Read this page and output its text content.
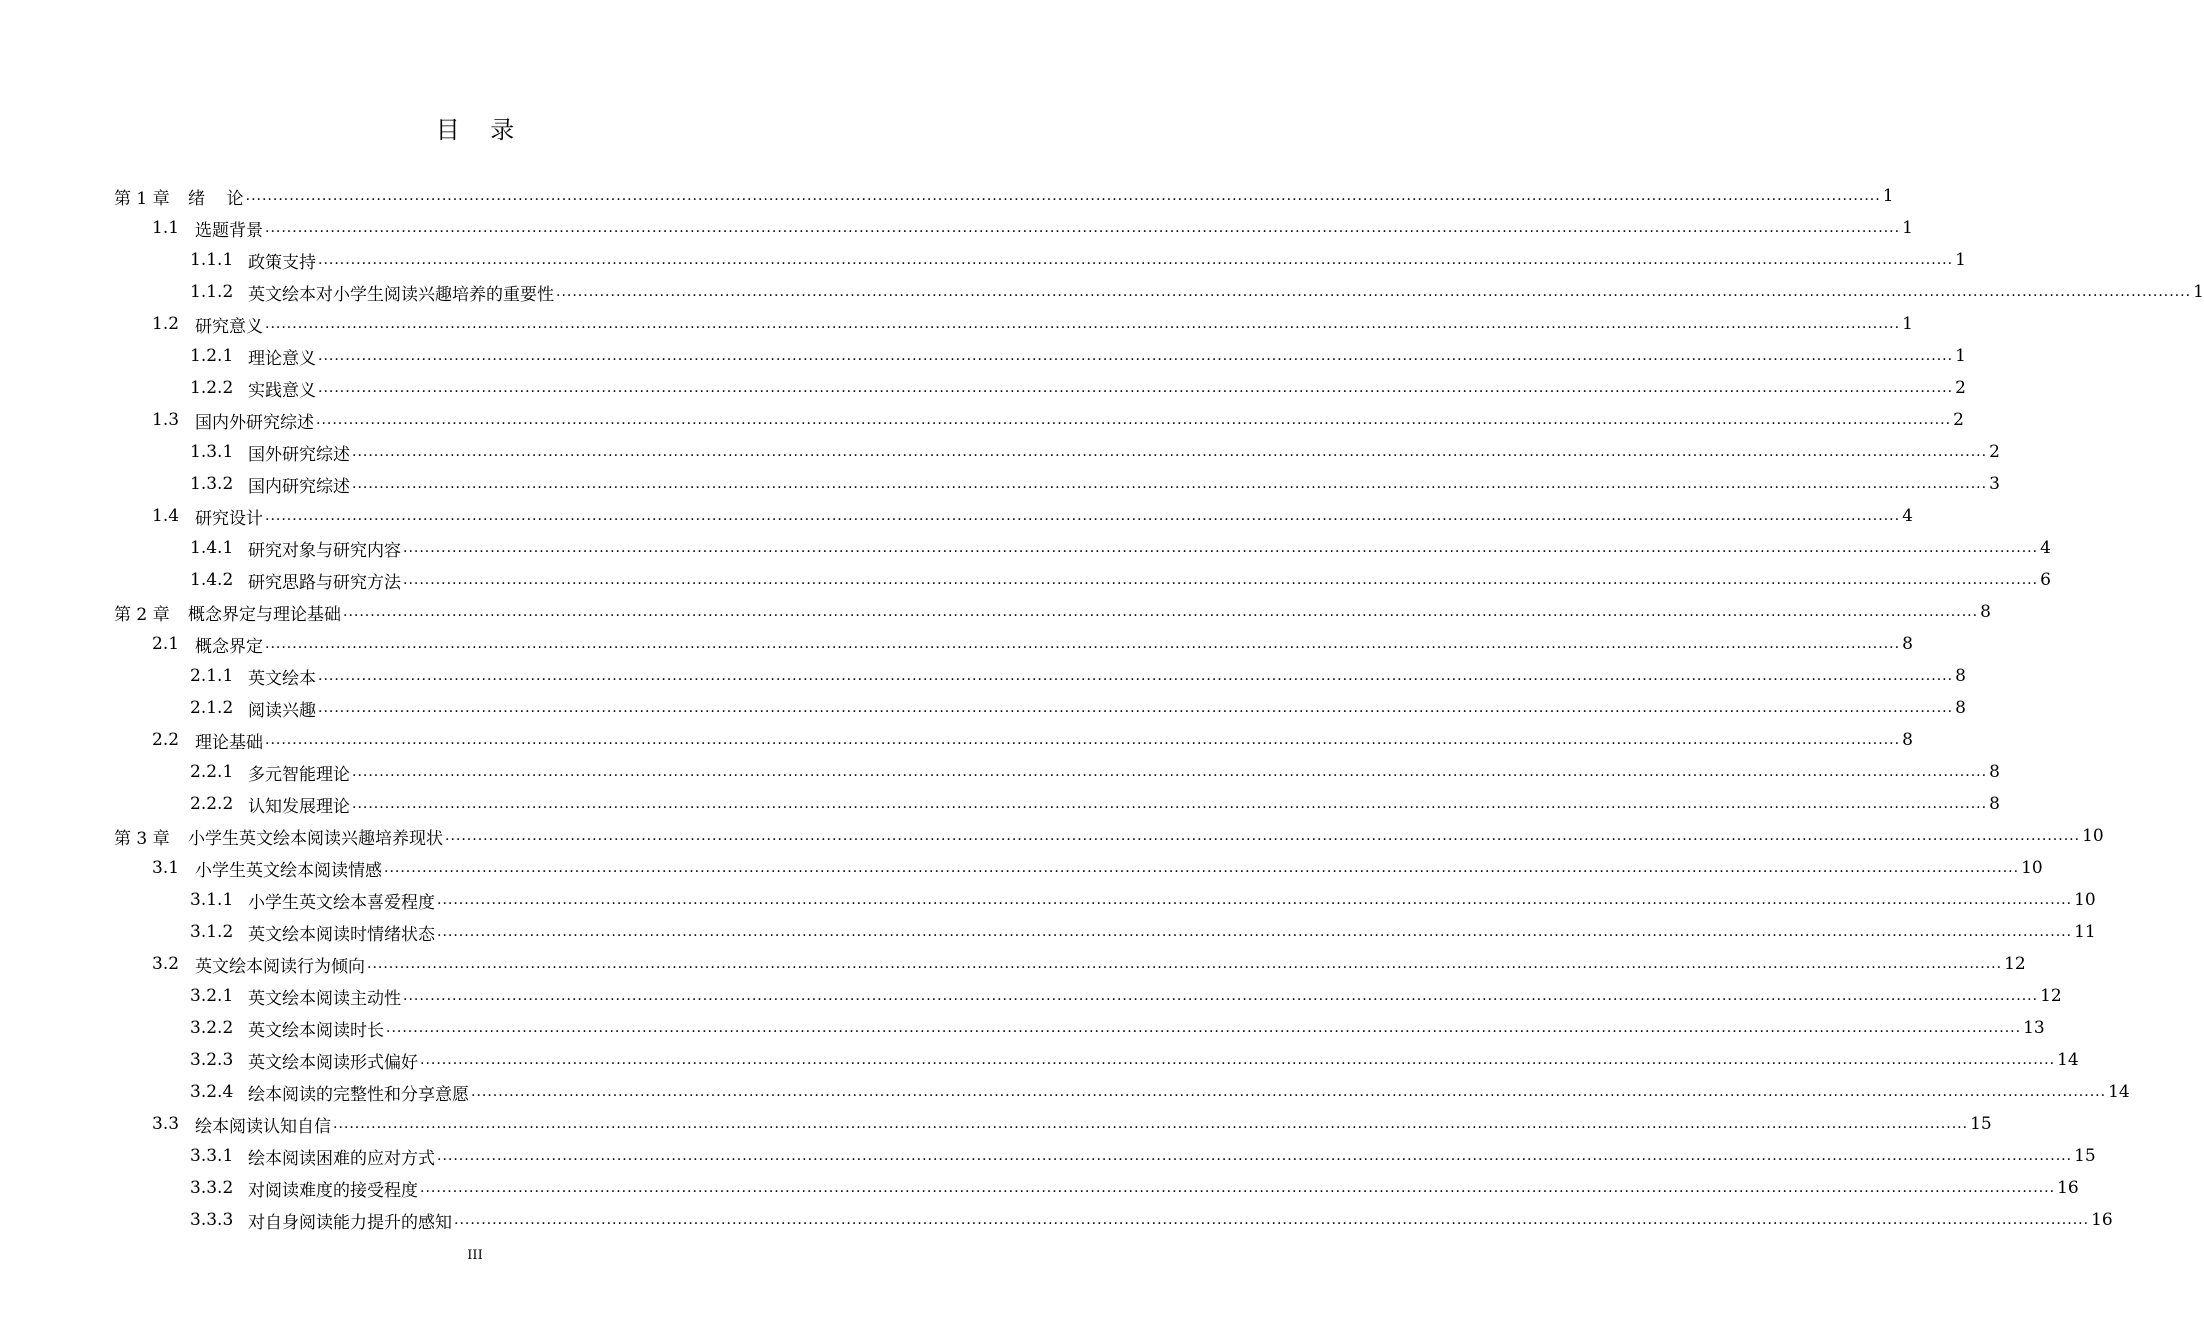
目    录
第 1 章	绪    论 ............................................................................................................................................................................................................................................................................................................ 1
1.1 选题背景 ............................................................................................................................................................................................................................................................................................................ 1
1.1.1 政策支持 ............................................................................................................................................................................................................................................................................................................ 1
1.1.2 英文绘本对小学生阅读兴趣培养的重要性 ............................................................................................................................................................................................................................................................................................................ 1
1.2 研究意义 ............................................................................................................................................................................................................................................................................................................ 1
1.2.1 理论意义 ............................................................................................................................................................................................................................................................................................................ 1
1.2.2 实践意义 ............................................................................................................................................................................................................................................................................................................ 2
1.3 国内外研究综述 ............................................................................................................................................................................................................................................................................................................ 2
1.3.1 国外研究综述 ............................................................................................................................................................................................................................................................................................................ 2
1.3.2 国内研究综述 ............................................................................................................................................................................................................................................................................................................ 3
1.4 研究设计 ............................................................................................................................................................................................................................................................................................................ 4
1.4.1 研究对象与研究内容 ............................................................................................................................................................................................................................................................................................................ 4
1.4.2 研究思路与研究方法 ............................................................................................................................................................................................................................................................................................................ 6
第 2 章	概念界定与理论基础 ............................................................................................................................................................................................................................................................................................................ 8
2.1 概念界定 ............................................................................................................................................................................................................................................................................................................ 8
2.1.1 英文绘本 ............................................................................................................................................................................................................................................................................................................ 8
2.1.2 阅读兴趣 ............................................................................................................................................................................................................................................................................................................ 8
2.2 理论基础 ............................................................................................................................................................................................................................................................................................................ 8
2.2.1 多元智能理论 ............................................................................................................................................................................................................................................................................................................ 8
2.2.2 认知发展理论 ............................................................................................................................................................................................................................................................................................................ 8
第 3 章	小学生英文绘本阅读兴趣培养现状 ............................................................................................................................................................................................................................................................................................................ 10
3.1 小学生英文绘本阅读情感 ............................................................................................................................................................................................................................................................................................................ 10
3.1.1 小学生英文绘本喜爱程度 ............................................................................................................................................................................................................................................................................................................ 10
3.1.2 英文绘本阅读时情绪状态 ............................................................................................................................................................................................................................................................................................................ 11
3.2 英文绘本阅读行为倾向 ............................................................................................................................................................................................................................................................................................................ 12
3.2.1 英文绘本阅读主动性 ............................................................................................................................................................................................................................................................................................................ 12
3.2.2 英文绘本阅读时长 ............................................................................................................................................................................................................................................................................................................ 13
3.2.3 英文绘本阅读形式偏好 ............................................................................................................................................................................................................................................................................................................ 14
3.2.4 绘本阅读的完整性和分享意愿 ............................................................................................................................................................................................................................................................................................................ 14
3.3 绘本阅读认知自信 ............................................................................................................................................................................................................................................................................................................ 15
3.3.1 绘本阅读困难的应对方式 ............................................................................................................................................................................................................................................................................................................ 15
3.3.2 对阅读难度的接受程度 ............................................................................................................................................................................................................................................................................................................ 16
3.3.3 对自身阅读能力提升的感知 ............................................................................................................................................................................................................................................................................................................ 16
III
